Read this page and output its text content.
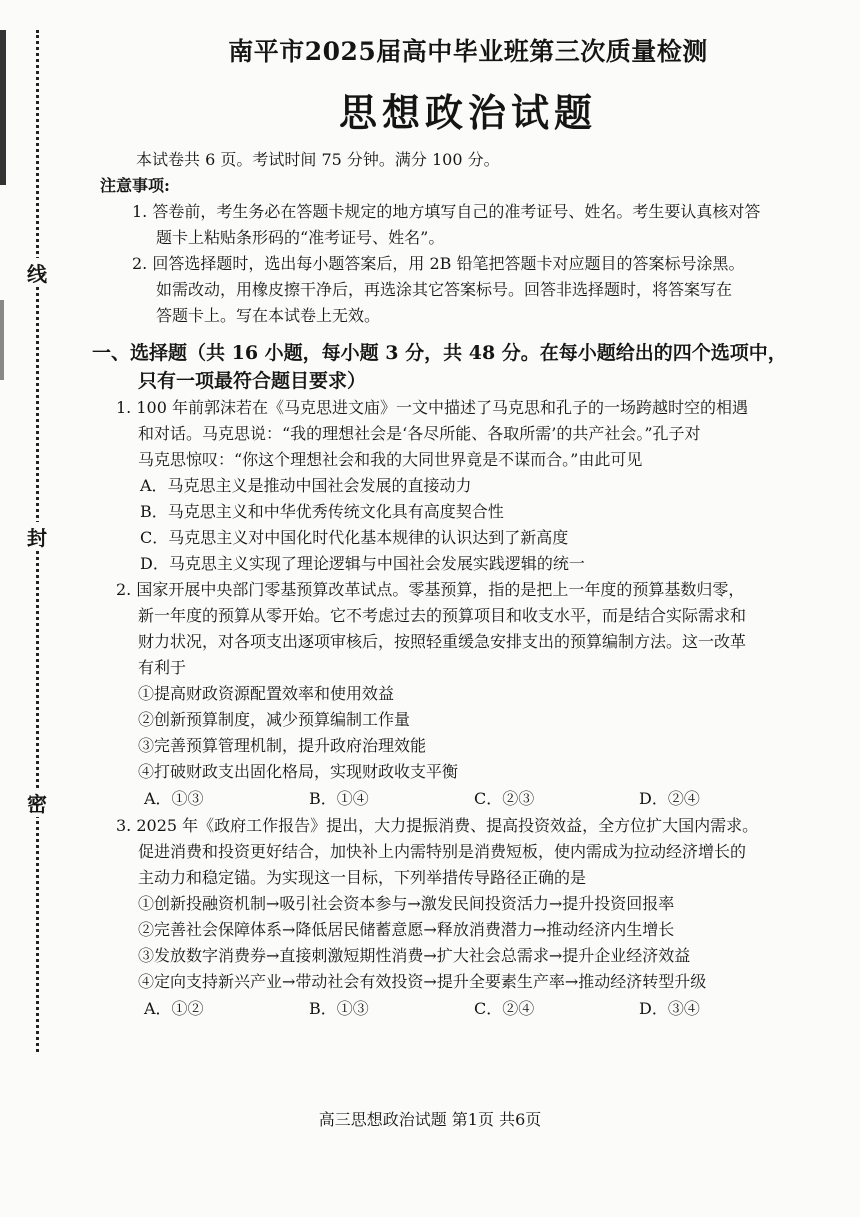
线
封
密
南平市2025届高中毕业班第三次质量检测
思想政治试题
本试卷共 6 页。考试时间 75 分钟。满分 100 分。
注意事项:
1. 答卷前，考生务必在答题卡规定的地方填写自己的准考证号、姓名。考生要认真核对答
题卡上粘贴条形码的“准考证号、姓名”。
2. 回答选择题时，选出每小题答案后，用 2B 铅笔把答题卡对应题目的答案标号涂黑。
如需改动，用橡皮擦干净后，再选涂其它答案标号。回答非选择题时，将答案写在
答题卡上。写在本试卷上无效。
一、选择题（共 16 小题，每小题 3 分，共 48 分。在每小题给出的四个选项中，
只有一项最符合题目要求）
1. 100 年前郭沫若在《马克思进文庙》一文中描述了马克思和孔子的一场跨越时空的相遇
和对话。马克思说：“我的理想社会是‘各尽所能、各取所需’的共产社会。”孔子对
马克思惊叹：“你这个理想社会和我的大同世界竟是不谋而合。”由此可见
A．马克思主义是推动中国社会发展的直接动力
B．马克思主义和中华优秀传统文化具有高度契合性
C．马克思主义对中国化时代化基本规律的认识达到了新高度
D．马克思主义实现了理论逻辑与中国社会发展实践逻辑的统一
2. 国家开展中央部门零基预算改革试点。零基预算，指的是把上一年度的预算基数归零，
新一年度的预算从零开始。它不考虑过去的预算项目和收支水平，而是结合实际需求和
财力状况，对各项支出逐项审核后，按照轻重缓急安排支出的预算编制方法。这一改革
有利于
①提高财政资源配置效率和使用效益
②创新预算制度，减少预算编制工作量
③完善预算管理机制，提升政府治理效能
④打破财政支出固化格局，实现财政收支平衡
A．①③	B．①④	C．②③	D．②④
3. 2025 年《政府工作报告》提出，大力提振消费、提高投资效益，全方位扩大国内需求。
促进消费和投资更好结合，加快补上内需特别是消费短板，使内需成为拉动经济增长的
主动力和稳定锚。为实现这一目标，下列举措传导路径正确的是
①创新投融资机制→吸引社会资本参与→激发民间投资活力→提升投资回报率
②完善社会保障体系→降低居民储蓄意愿→释放消费潜力→推动经济内生增长
③发放数字消费券→直接刺激短期性消费→扩大社会总需求→提升企业经济效益
④定向支持新兴产业→带动社会有效投资→提升全要素生产率→推动经济转型升级
A．①②	B．①③	C．②④	D．③④
高三思想政治试题 第1页 共6页
